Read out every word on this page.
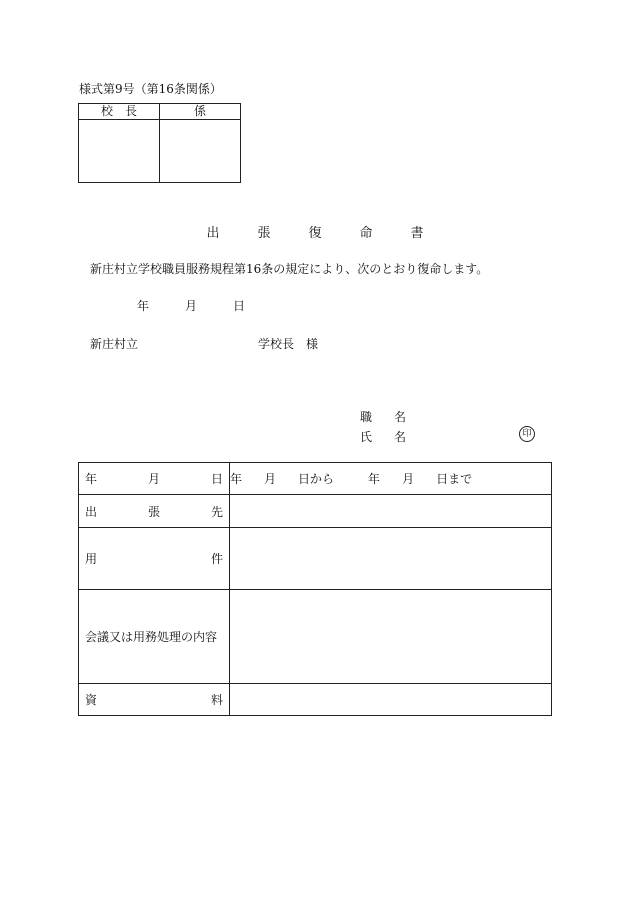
様式第9号（第16条関係）
校　長	係

出	張	復	命	書
新庄村立学校職員服務規程第16条の規定により、次のとおり復命します。
年	月	日
新庄村立	学校長　様
職 名
氏 名	印
年 月 日	年 月 日から 年 月 日まで

出 張 先	

用 件	

会議又は用務処理の内容	

資 料	
